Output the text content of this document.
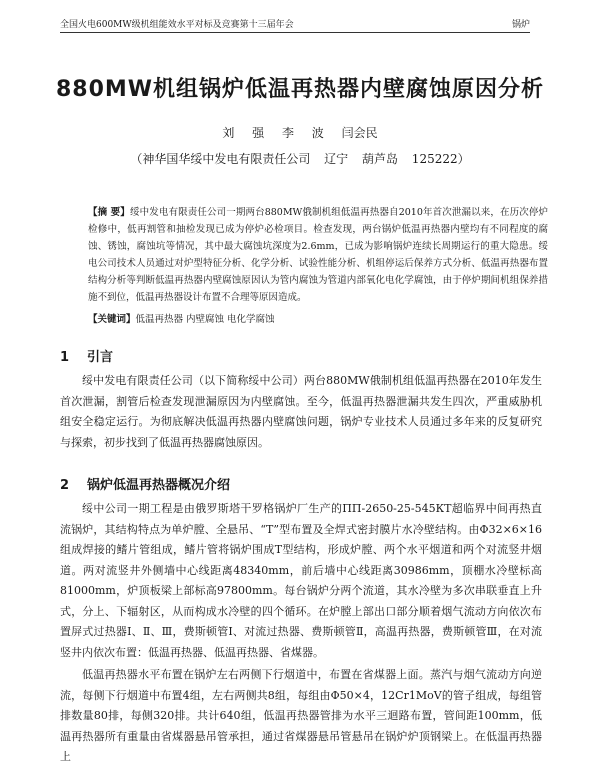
全国火电600MW级机组能效水平对标及竞赛第十三届年会	锅炉
880MW机组锅炉低温再热器内壁腐蚀原因分析
刘 强 李 波 闫会民
（神华国华绥中发电有限责任公司 辽宁 葫芦岛 125222）
【摘 要】绥中发电有限责任公司一期两台880MW俄制机组低温再热器自2010年首次泄漏以来，在历次停炉检修中，低再割管和抽检发现已成为停炉必检项目。检查发现，两台锅炉低温再热器内壁均有不同程度的腐蚀、锈蚀，腐蚀坑等情况，其中最大腐蚀坑深度为2.6mm，已成为影响锅炉连续长周期运行的重大隐患。绥电公司技术人员通过对炉型特征分析、化学分析、试验性能分析、机组停运后保养方式分析、低温再热器布置结构分析等判断低温再热器内壁腐蚀原因认为管内腐蚀为管道内部氧化电化学腐蚀，由于停炉期间机组保养措施不到位，低温再热器设计布置不合理等原因造成。
【关键词】低温再热器 内壁腐蚀 电化学腐蚀
1 引言
绥中发电有限责任公司（以下简称绥中公司）两台880MW俄制机组低温再热器在2010年发生首次泄漏，割管后检查发现泄漏原因为内壁腐蚀。至今，低温再热器泄漏共发生四次，严重威胁机组安全稳定运行。为彻底解决低温再热器内壁腐蚀问题，锅炉专业技术人员通过多年来的反复研究与探索，初步找到了低温再热器腐蚀原因。
2 锅炉低温再热器概况介绍
绥中公司一期工程是由俄罗斯塔干罗格锅炉厂生产的ПП-2650-25-545КТ超临界中间再热直流锅炉，其结构特点为单炉膛、全悬吊、“T”型布置及全焊式密封膜片水冷壁结构。由Φ32×6×16组成焊接的鳍片管组成，鳍片管将锅炉围成T型结构，形成炉膛、两个水平烟道和两个对流竖井烟道。两对流竖井外侧墙中心线距离48340mm，前后墙中心线距离30986mm，顶棚水冷壁标高81000mm，炉顶板梁上部标高97800mm。每台锅炉分两个流道，其水冷壁为多次串联垂直上升式，分上、下辐射区，从而构成水冷壁的四个循环。在炉膛上部出口部分顺着烟气流动方向依次布置屏式过热器Ⅰ、Ⅱ、Ⅲ，费斯顿管Ⅰ、对流过热器、费斯顿管Ⅱ，高温再热器，费斯顿管Ⅲ，在对流竖井内依次布置：低温再热器、低温再热器、省煤器。
低温再热器水平布置在锅炉左右两侧下行烟道中，布置在省煤器上面。蒸汽与烟气流动方向逆流，每侧下行烟道中布置4组，左右两侧共8组，每组由Φ50×4，12Cr1MoV的管子组成，每组管排数量80排，每侧320排。共计640组，低温再热器管排为水平三迴路布置，管间距100mm，低温再热器所有重量由省煤器悬吊管承担，通过省煤器悬吊管悬吊在锅炉炉顶钢梁上。在低温再热器上
